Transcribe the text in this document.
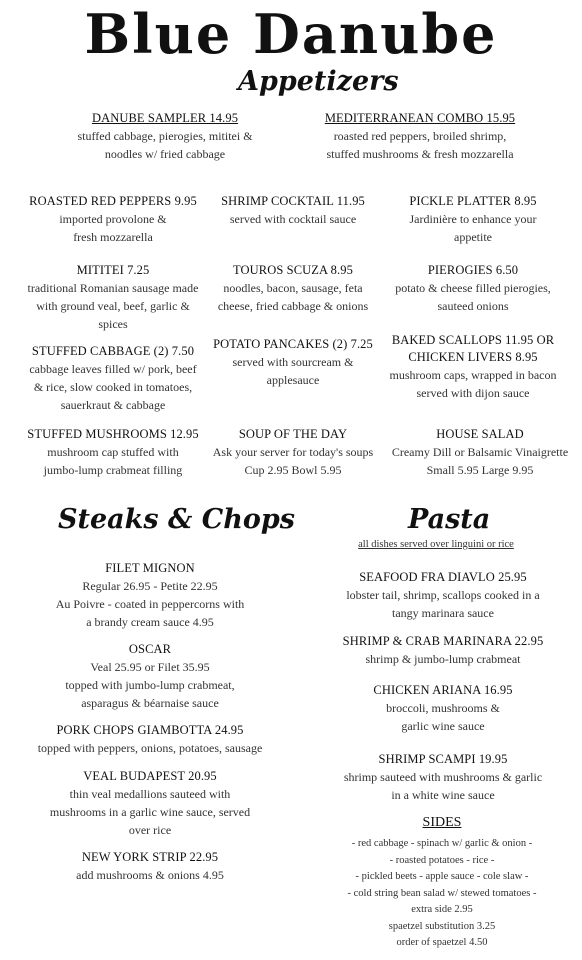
Blue Danube
Appetizers
Steaks & Chops	Pasta
all dishes served over linguini or rice
DANUBE SAMPLER 14.95
stuffed cabbage, pierogies, mititei &
noodles w/ fried cabbage
MEDITERRANEAN COMBO 15.95
roasted red peppers, broiled shrimp,
stuffed mushrooms & fresh mozzarella
ROASTED RED PEPPERS 9.95
imported provolone &
fresh mozzarella
SHRIMP COCKTAIL 11.95
served with cocktail sauce
PICKLE PLATTER 8.95
Jardinière to enhance your
appetite
MITITEI 7.25
traditional Romanian sausage made
with ground veal, beef, garlic &
spices
TOUROS SCUZA 8.95
noodles, bacon, sausage, feta
cheese, fried cabbage & onions
PIEROGIES 6.50
potato & cheese filled pierogies,
sauteed onions
STUFFED CABBAGE (2) 7.50
cabbage leaves filled w/ pork, beef
& rice, slow cooked in tomatoes,
sauerkraut & cabbage
POTATO PANCAKES (2) 7.25
served with sourcream &
applesauce
BAKED SCALLOPS 11.95 OR
CHICKEN LIVERS 8.95
mushroom caps, wrapped in bacon
served with dijon sauce
STUFFED MUSHROOMS 12.95
mushroom cap stuffed with
jumbo-lump crabmeat filling
SOUP OF THE DAY
Ask your server for today's soups
Cup 2.95 Bowl 5.95
HOUSE SALAD
Creamy Dill or Balsamic Vinaigrette
Small 5.95 Large 9.95
FILET MIGNON
Regular 26.95 - Petite 22.95
Au Poivre - coated in peppercorns with
a brandy cream sauce 4.95
OSCAR
Veal 25.95 or Filet 35.95
topped with jumbo-lump crabmeat,
asparagus & béarnaise sauce
PORK CHOPS GIAMBOTTA 24.95
topped with peppers, onions, potatoes, sausage
VEAL BUDAPEST 20.95
thin veal medallions sauteed with
mushrooms in a garlic wine sauce, served
over rice
NEW YORK STRIP 22.95
add mushrooms & onions 4.95
SEAFOOD FRA DIAVLO 25.95
lobster tail, shrimp, scallops cooked in a
tangy marinara sauce
SHRIMP & CRAB MARINARA 22.95
shrimp & jumbo-lump crabmeat
CHICKEN ARIANA 16.95
broccoli, mushrooms &
garlic wine sauce
SHRIMP SCAMPI 19.95
shrimp sauteed with mushrooms & garlic
in a white wine sauce
SIDES
- red cabbage - spinach w/ garlic & onion -
- roasted potatoes - rice -
- pickled beets - apple sauce - cole slaw -
- cold string bean salad w/ stewed tomatoes -
extra side 2.95
spaetzel substitution 3.25
order of spaetzel 4.50
